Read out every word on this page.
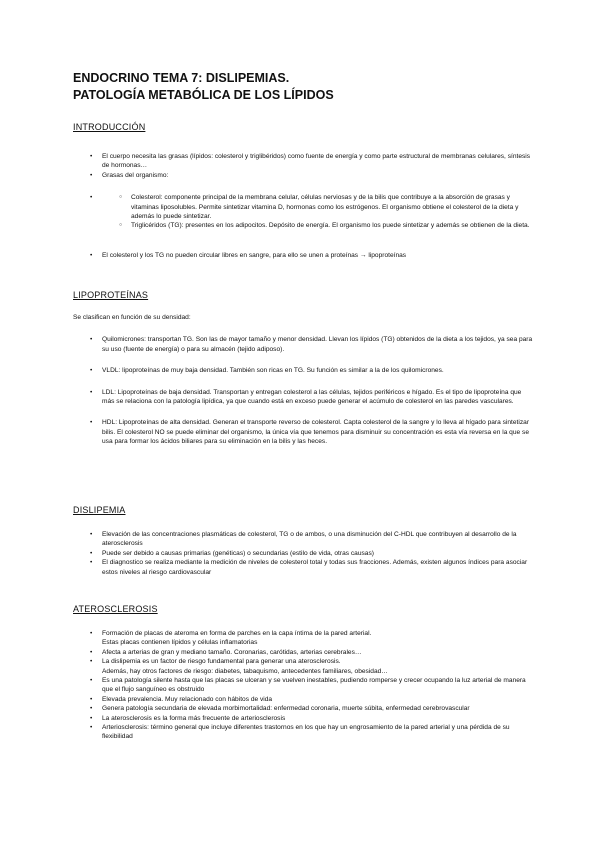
ENDOCRINO TEMA 7: DISLIPEMIAS.
PATOLOGÍA METABÓLICA DE LOS LÍPIDOS
INTRODUCCIÓN
• El cuerpo necesita las grasas (lípidos: colesterol y triglibéridos) como fuente de energía y como parte estructural de membranas celulares, síntesis de hormonas…
• Grasas del organismo:
○ • Colesterol: componente principal de la membrana celular, células nerviosas y de la bilis que contribuye a la absorción de grasas y vitaminas liposolubles. Permite sintetizar vitamina D, hormonas como los estrógenos. El organismo obtiene el colesterol de la dieta y además lo puede sintetizar.
○ Triglicéridos (TG): presentes en los adipocitos. Depósito de energía. El organismo los puede sintetizar y además se obtienen de la dieta.
• El colesterol y los TG no pueden circular libres en sangre, para ello se unen a proteínas → lipoproteínas
LIPOPROTEÍNAS
Se clasifican en función de su densidad:
• Quilomicrones: transportan TG. Son las de mayor tamaño y menor densidad. Llevan los lípidos (TG) obtenidos de la dieta a los tejidos, ya sea para su uso (fuente de energía) o para su almacén (tejido adiposo).
• VLDL: lipoproteínas de muy baja densidad. También son ricas en TG. Su función es similar a la de los quilomicrones.
• LDL: Lipoproteínas de baja densidad. Transportan y entregan colesterol a las células, tejidos periféricos e hígado. Es el tipo de lipoproteína que más se relaciona con la patología lipídica, ya que cuando está en exceso puede generar el acúmulo de colesterol en las paredes vasculares.
• HDL: Lipoproteínas de alta densidad. Generan el transporte reverso de colesterol. Capta colesterol de la sangre y lo lleva al hígado para sintetizar bilis. El colesterol NO se puede eliminar del organismo, la única vía que tenemos para disminuir su concentración es esta vía reversa en la que se usa para formar los ácidos biliares para su eliminación en la bilis y las heces.
DISLIPEMIA
• Elevación de las concentraciones plasmáticas de colesterol, TG o de ambos, o una disminución del C-HDL que contribuyen al desarrollo de la aterosclerosis
• Puede ser debido a causas primarias (genéticas) o secundarias (estilo de vida, otras causas)
• El diagnostico se realiza mediante la medición de niveles de colesterol total y todas sus fracciones. Además, existen algunos índices para asociar estos niveles al riesgo cardiovascular
ATEROSCLEROSIS
• Formación de placas de ateroma en forma de parches en la capa íntima de la pared arterial.
Estas placas contienen lípidos y células inflamatorias
• Afecta a arterias de gran y mediano tamaño. Coronarias, carótidas, arterias cerebrales…
• La dislipemia es un factor de riesgo fundamental para generar una aterosclerosis.
Además, hay otros factores de riesgo: diabetes, tabaquismo, antecedentes familiares, obesidad…
• Es una patología silente hasta que las placas se ulceran y se vuelven inestables, pudiendo romperse y crecer ocupando la luz arterial de manera que el flujo sanguíneo es obstruido
• Elevada prevalencia. Muy relacionado con hábitos de vida
• Genera patología secundaria de elevada morbimortalidad: enfermedad coronaria, muerte súbita, enfermedad cerebrovascular
• La aterosclerosis es la forma más frecuente de arteriosclerosis
• Arteriosclerosis: término general que incluye diferentes trastornos en los que hay un engrosamiento de la pared arterial y una pérdida de su flexibilidad
